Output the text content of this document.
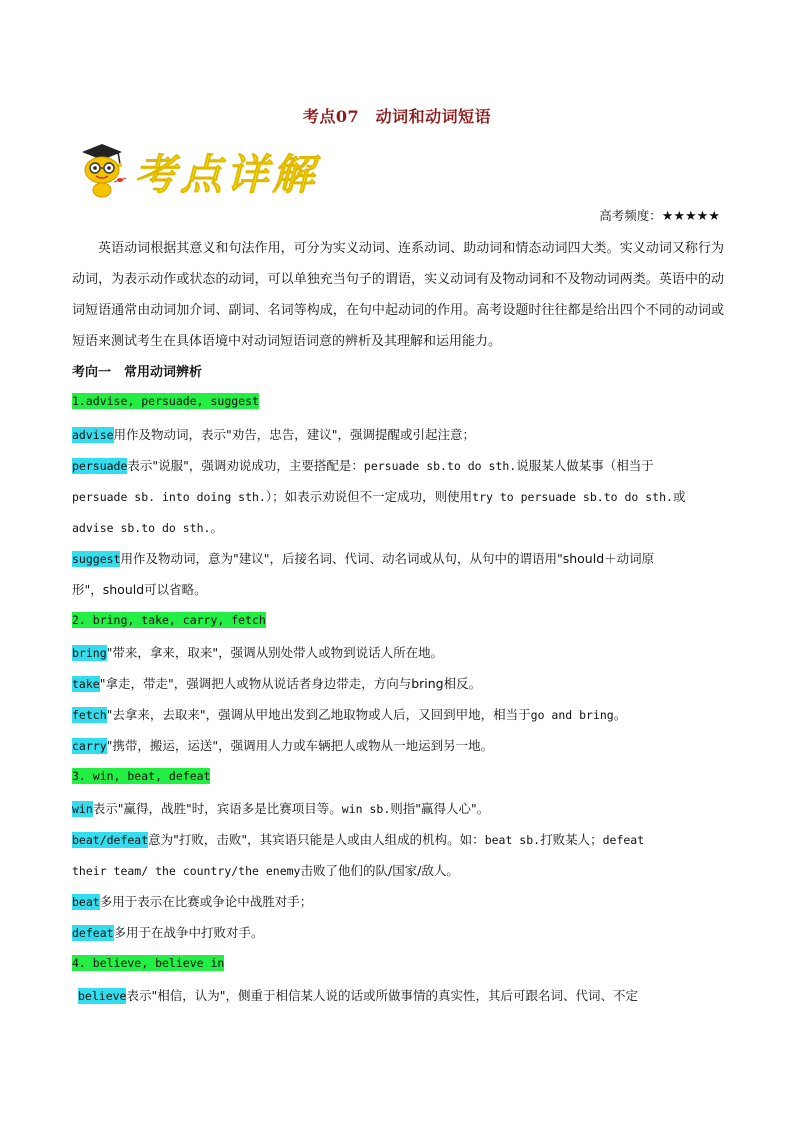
考点07　动词和动词短语
考点详解
高考频度：★★★★★
英语动词根据其意义和句法作用，可分为实义动词、连系动词、助动词和情态动词四大类。实义动词又称行为动词，为表示动作或状态的动词，可以单独充当句子的谓语，实义动词有及物动词和不及物动词两类。英语中的动词短语通常由动词加介词、副词、名词等构成，在句中起动词的作用。高考设题时往往都是给出四个不同的动词或短语来测试考生在具体语境中对动词短语词意的辨析及其理解和运用能力。
考向一　常用动词辨析
1.advise, persuade, suggest
advise用作及物动词，表示"劝告，忠告，建议"，强调提醒或引起注意；
persuade表示"说服"，强调劝说成功，主要搭配是：persuade sb.to do sth.说服某人做某事（相当于
persuade sb. into doing sth.）；如表示劝说但不一定成功，则使用try to persuade sb.to do sth.或
advise sb.to do sth.。
suggest用作及物动词，意为"建议"，后接名词、代词、动名词或从句，从句中的谓语用"should＋动词原
形"，should可以省略。
2. bring, take, carry, fetch
bring"带来，拿来，取来"，强调从别处带人或物到说话人所在地。
take"拿走，带走"，强调把人或物从说话者身边带走，方向与bring相反。
fetch"去拿来，去取来"，强调从甲地出发到乙地取物或人后，又回到甲地，相当于go and bring。
carry"携带，搬运，运送"，强调用人力或车辆把人或物从一地运到另一地。
3. win, beat, defeat
win表示"赢得，战胜"时，宾语多是比赛项目等。win sb.则指"赢得人心"。
beat/defeat意为"打败，击败"，其宾语只能是人或由人组成的机构。如：beat sb.打败某人；defeat
their team/ the country/the enemy击败了他们的队/国家/敌人。
beat多用于表示在比赛或争论中战胜对手；
defeat多用于在战争中打败对手。
4. believe, believe in
believe表示"相信，认为"，侧重于相信某人说的话或所做事情的真实性，其后可跟名词、代词、不定
